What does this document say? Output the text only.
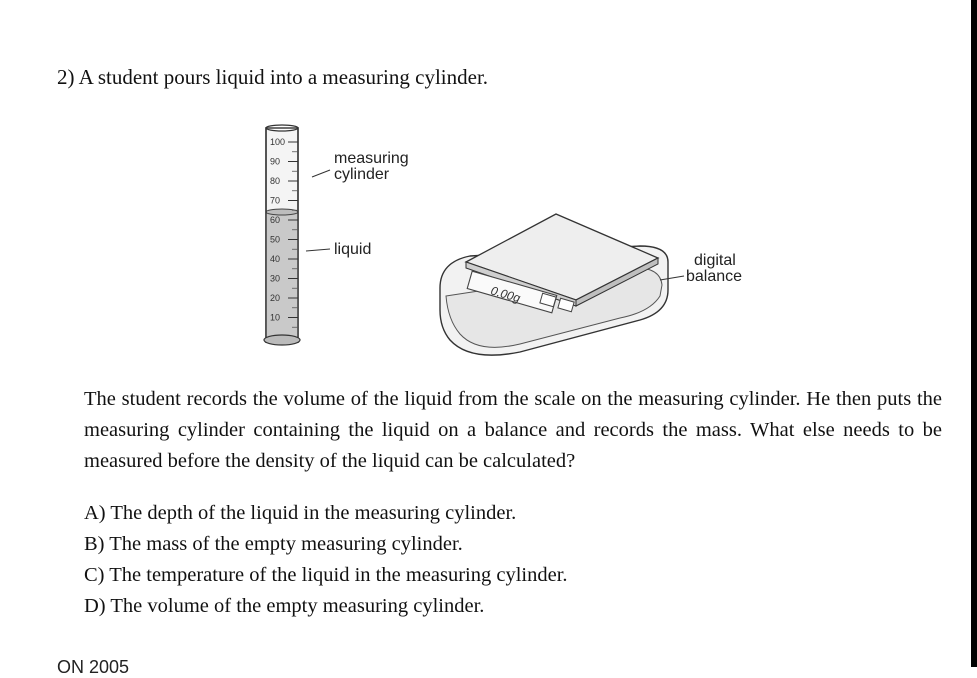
2) A student pours liquid into a measuring cylinder.
100
90
80
70
60
50
40
30
20
10
measuring
cylinder
liquid
0.00g
digital
balance
The student records the volume of the liquid from the scale on the measuring cylinder. He then puts the measuring cylinder containing the liquid on a balance and records the mass. What else needs to be measured before the density of the liquid can be calculated?
A) The depth of the liquid in the measuring cylinder.
B) The mass of the empty measuring cylinder.
C) The temperature of the liquid in the measuring cylinder.
D) The volume of the empty measuring cylinder.
ON 2005
